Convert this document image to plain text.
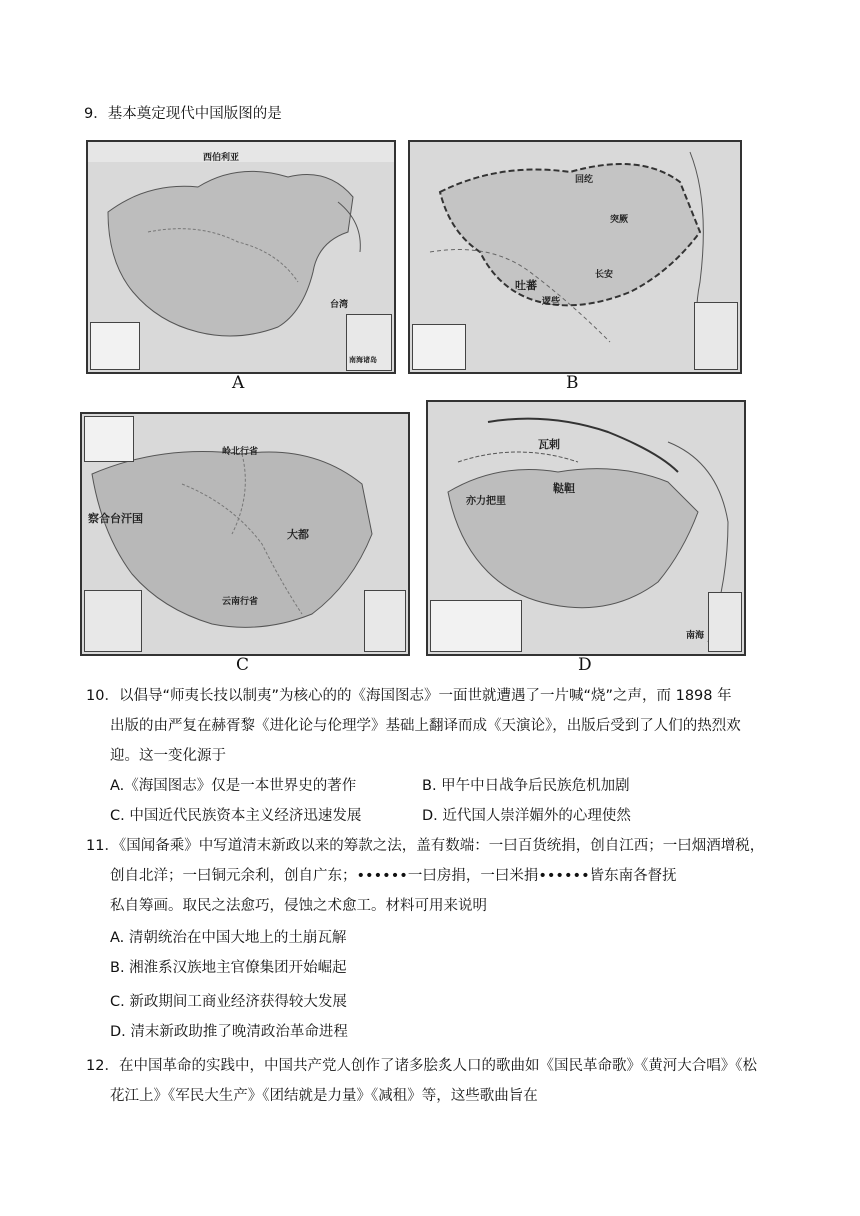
9．基本奠定现代中国版图的是
西伯利亚
台湾
南海诸岛
A
回纥
突厥
吐蕃
长安
逻些
B
岭北行省
察合台汗国
大都
云南行省
C
瓦剌
鞑靼
亦力把里
南海
D
10．以倡导“师夷长技以制夷”为核心的的《海国图志》一面世就遭遇了一片喊“烧”之声，而 1898 年
出版的由严复在赫胥黎《进化论与伦理学》基础上翻译而成《天演论》，出版后受到了人们的热烈欢
迎。这一变化源于
A.《海国图志》仅是一本世界史的著作	B. 甲午中日战争后民族危机加剧
C. 中国近代民族资本主义经济迅速发展	D. 近代国人崇洋媚外的心理使然
11．《国闻备乘》中写道清末新政以来的筹款之法，盖有数端：一曰百货统捐，创自江西；一曰烟酒增税，
创自北洋；一曰铜元余利，创自广东；••••••一曰房捐，一曰米捐••••••皆东南各督抚
私自筹画。取民之法愈巧，侵蚀之术愈工。材料可用来说明
A. 清朝统治在中国大地上的土崩瓦解
B. 湘淮系汉族地主官僚集团开始崛起
C. 新政期间工商业经济获得较大发展
D. 清末新政助推了晚清政治革命进程
12．在中国革命的实践中，中国共产党人创作了诸多脍炙人口的歌曲如《国民革命歌》《黄河大合唱》《松
花江上》《军民大生产》《团结就是力量》《减租》等，这些歌曲旨在
